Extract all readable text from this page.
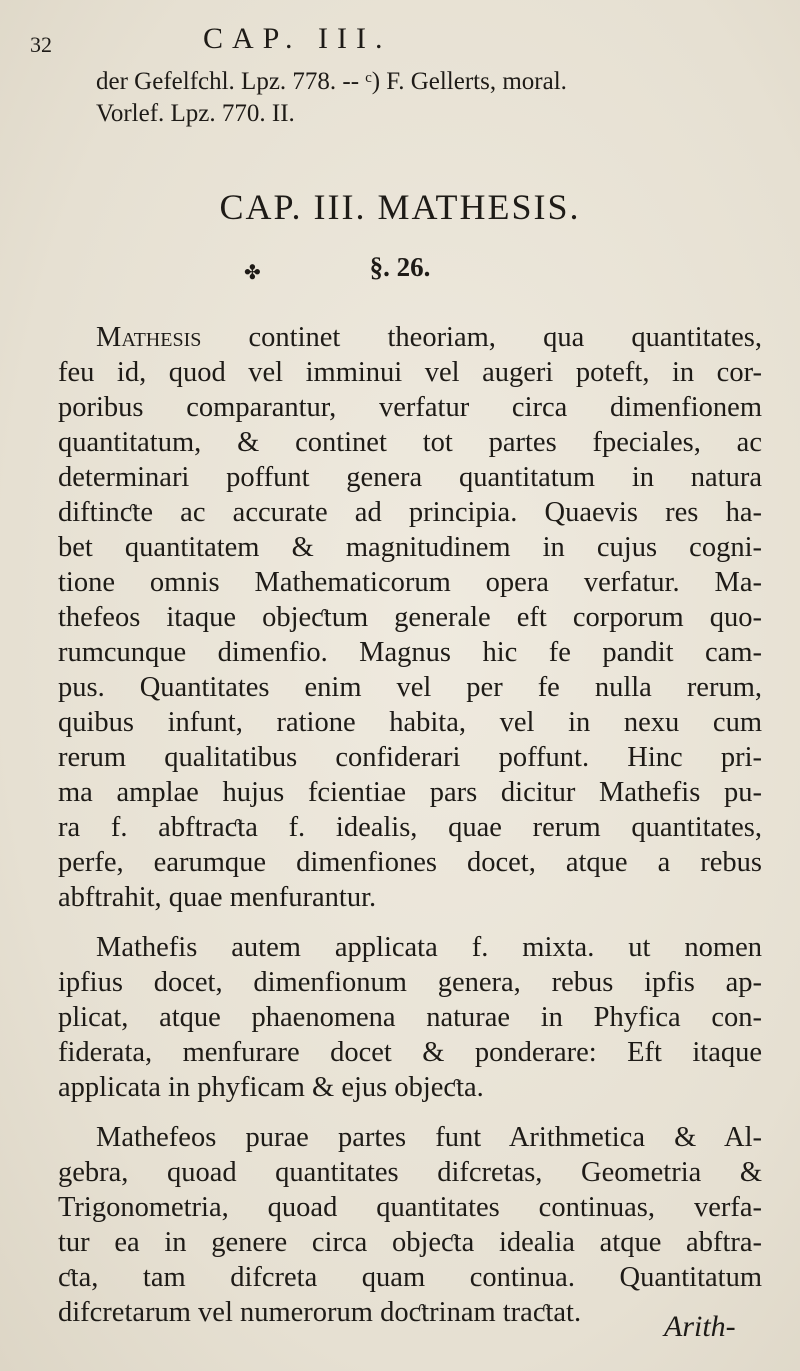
32	CAP. III.
der Gefelfchl. Lpz. 778. -- ᶜ) F. Gellerts, moral.
Vorlef. Lpz. 770. II.
CAP. III. MATHESIS.
✤	§. 26.
Mathesis continet theoriam, qua quantitates,
feu id, quod vel imminui vel augeri poteft, in cor-
poribus comparantur, verfatur circa dimenfionem
quantitatum, & continet tot partes fpeciales, ac
determinari poffunt genera quantitatum in natura
diftinƈte ac accurate ad principia. Quaevis res ha-
bet quantitatem & magnitudinem in cujus cogni-
tione omnis Mathematicorum opera verfatur. Ma-
thefeos itaque objeƈtum generale eft corporum quo-
rumcunque dimenfio. Magnus hic fe pandit cam-
pus. Quantitates enim vel per fe nulla rerum,
quibus infunt, ratione habita, vel in nexu cum
rerum qualitatibus confiderari poffunt. Hinc pri-
ma amplae hujus fcientiae pars dicitur Mathefis pu-
ra f. abftraƈta f. idealis, quae rerum quantitates,
perfe, earumque dimenfiones docet, atque a rebus
abftrahit, quae menfurantur.
Mathefis autem applicata f. mixta. ut nomen
ipfius docet, dimenfionum genera, rebus ipfis ap-
plicat, atque phaenomena naturae in Phyfica con-
fiderata, menfurare docet & ponderare: Eft itaque
applicata in phyficam & ejus objeƈta.
Mathefeos purae partes funt Arithmetica & Al-
gebra, quoad quantitates difcretas, Geometria &
Trigonometria, quoad quantitates continuas, verfa-
tur ea in genere circa objeƈta idealia atque abftra-
ƈta, tam difcreta quam continua. Quantitatum
difcretarum vel numerorum doƈtrinam traƈtat.	Arith-
